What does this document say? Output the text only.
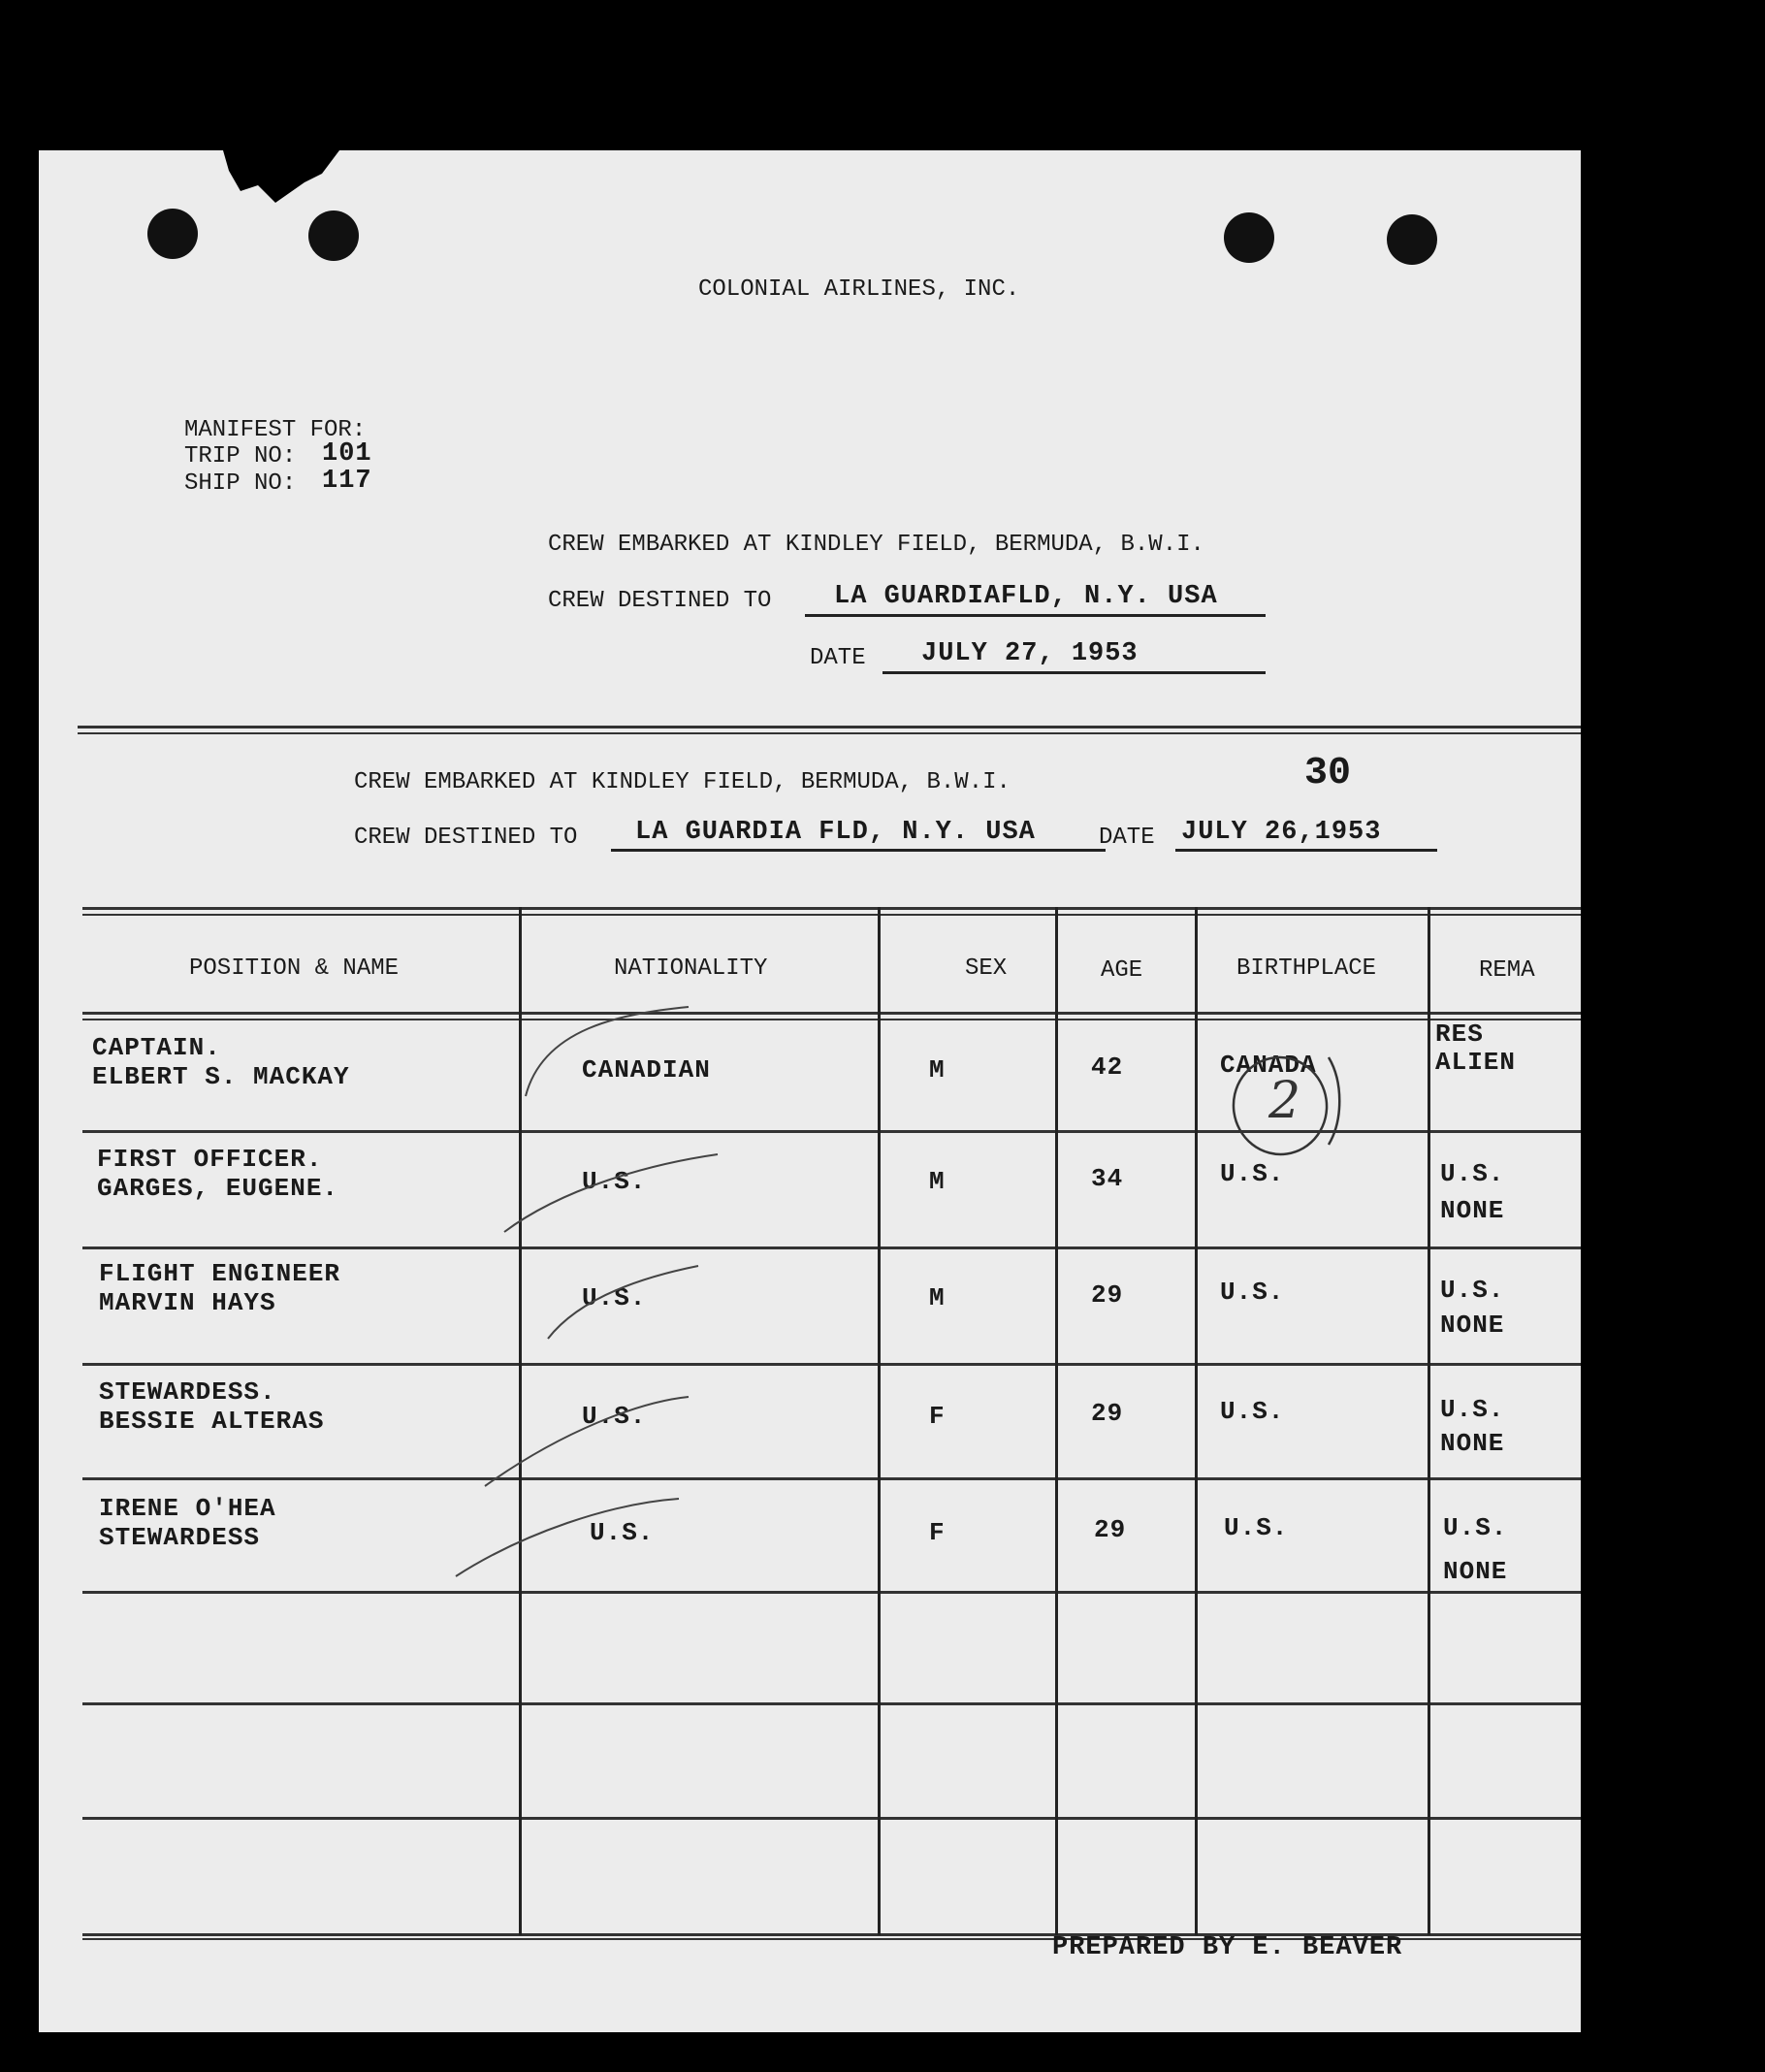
COLONIAL AIRLINES, INC.
MANIFEST FOR:
TRIP NO: 101
SHIP NO: 117
CREW EMBARKED AT KINDLEY FIELD, BERMUDA, B.W.I.
CREW DESTINED TO LA GUARDIAFLD, N.Y. USA
DATE JULY 27, 1953
CREW EMBARKED AT KINDLEY FIELD, BERMUDA, B.W.I.	30
CREW DESTINED TO LA GUARDIA FLD, N.Y. USA	DATE JULY 26,1953
POSITION & NAME	NATIONALITY	SEX	AGE	BIRTHPLACE	REMA
CAPTAIN.
ELBERT S. MACKAY	CANADIAN	M	42	CANADA
RES
ALIEN
FIRST OFFICER.
GARGES, EUGENE.	U.S.	M	34	U.S.	U.S.
NONE
FLIGHT ENGINEER
MARVIN HAYS	U.S.	M	29	U.S.	U.S.
NONE
STEWARDESS.
BESSIE ALTERAS	U.S.	F	29	U.S.	U.S.
NONE
IRENE O'HEA
STEWARDESS	U.S.	F	29	U.S.	U.S.
NONE
2
PREPARED BY E. BEAVER
